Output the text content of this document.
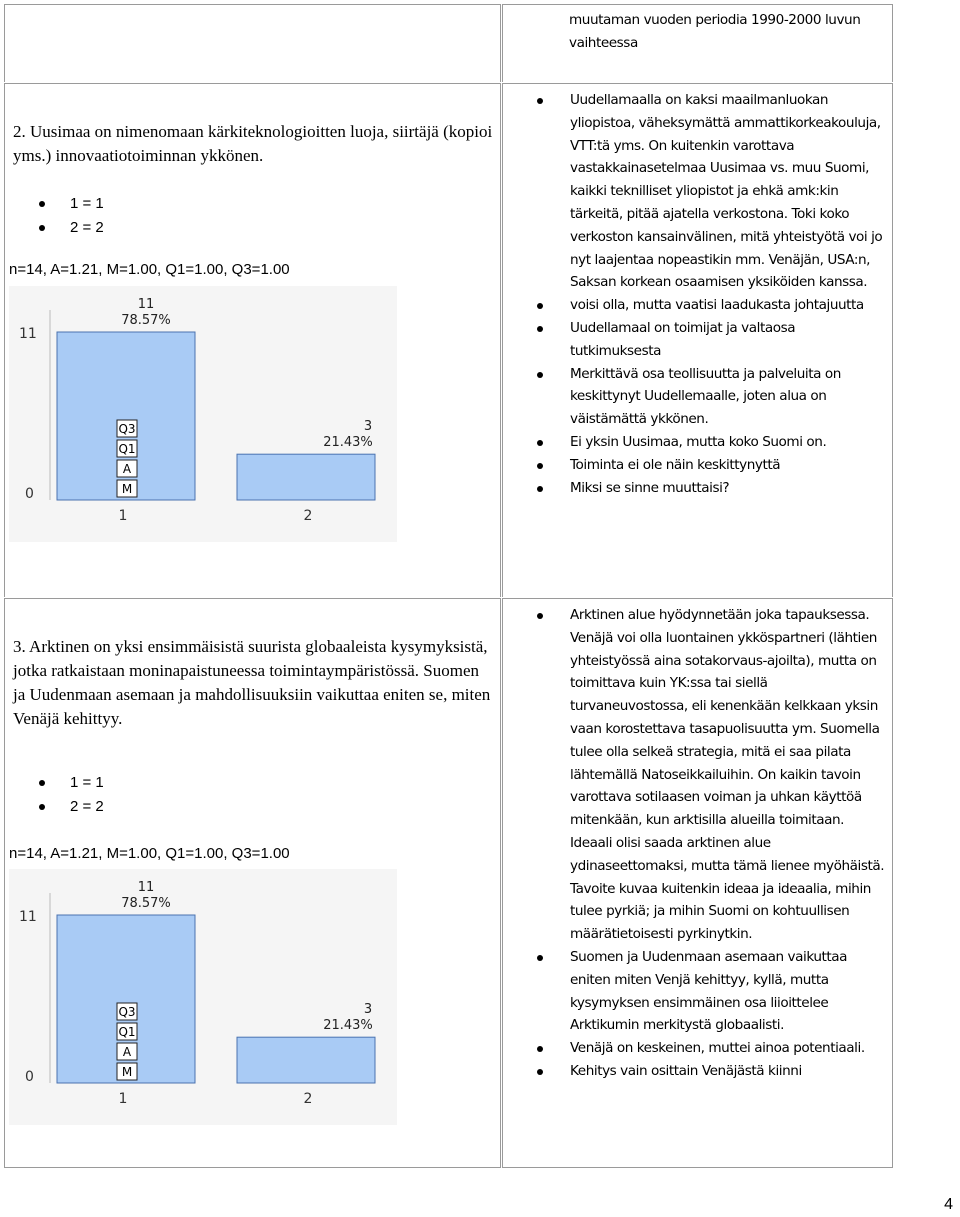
muutaman vuoden periodia 1990-2000 luvun vaihteessa
2. Uusimaa on nimenomaan kärkiteknologioitten luoja, siirtäjä (kopioi yms.) innovaatiotoiminnan ykkönen.
1 = 1
2 = 2
n=14, A=1.21, M=1.00, Q1=1.00, Q3=1.00
11
0
11
78.57%
1
3
21.43%
2
Q3
Q1
A
M
Uudellamaalla on kaksi maailmanluokan yliopistoa, väheksymättä ammattikorkeakouluja, VTT:tä yms. On kuitenkin varottava vastakkainasetelmaa Uusimaa vs. muu Suomi, kaikki teknilliset yliopistot ja ehkä amk:kin tärkeitä, pitää ajatella verkostona. Toki koko verkoston kansainvälinen, mitä yhteistyötä voi jo nyt laajentaa nopeastikin mm. Venäjän, USA:n, Saksan korkean osaamisen yksiköiden kanssa.
voisi olla, mutta vaatisi laadukasta johtajuutta
Uudellamaal on toimijat ja valtaosa tutkimuksesta
Merkittävä osa teollisuutta ja palveluita on keskittynyt Uudellemaalle, joten alua on väistämättä ykkönen.
Ei yksin Uusimaa, mutta koko Suomi on.
Toiminta ei ole näin keskittynyttä
Miksi se sinne muuttaisi?
3. Arktinen on yksi ensimmäisistä suurista globaaleista kysymyksistä, jotka ratkaistaan moninapaistuneessa toimintaympäristössä. Suomen ja Uudenmaan asemaan ja mahdollisuuksiin vaikuttaa eniten se, miten Venäjä kehittyy.
1 = 1
2 = 2
n=14, A=1.21, M=1.00, Q1=1.00, Q3=1.00
11
0
11
78.57%
1
3
21.43%
2
Q3
Q1
A
M
Arktinen alue hyödynnetään joka tapauksessa. Venäjä voi olla luontainen ykköspartneri (lähtien yhteistyössä aina sotakorvaus-ajoilta), mutta on toimittava kuin YK:ssa tai siellä turvaneuvostossa, eli kenenkään kelkkaan yksin vaan korostettava tasapuolisuutta ym. Suomella tulee olla selkeä strategia, mitä ei saa pilata lähtemällä Natoseikkailuihin. On kaikin tavoin varottava sotilaasen voiman ja uhkan käyttöä mitenkään, kun arktisilla alueilla toimitaan. Ideaali olisi saada arktinen alue ydinaseettomaksi, mutta tämä lienee myöhäistä. Tavoite kuvaa kuitenkin ideaa ja ideaalia, mihin tulee pyrkiä; ja mihin Suomi on kohtuullisen määrätietoisesti pyrkinytkin.
Suomen ja Uudenmaan asemaan vaikuttaa eniten miten Venjä kehittyy, kyllä, mutta kysymyksen ensimmäinen osa liioittelee Arktikumin merkitystä globaalisti.
Venäjä on keskeinen, muttei ainoa potentiaali.
Kehitys vain osittain Venäjästä kiinni
4
